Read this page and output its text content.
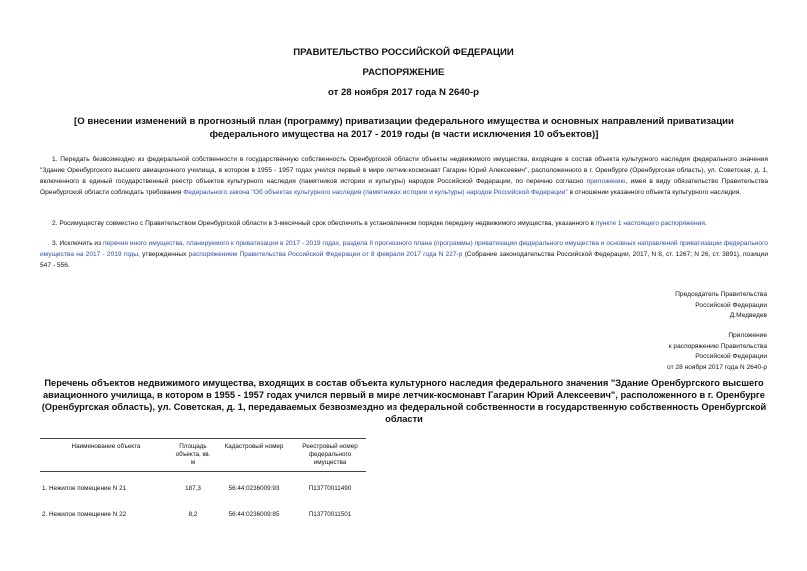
ПРАВИТЕЛЬСТВО РОССИЙСКОЙ ФЕДЕРАЦИИ
РАСПОРЯЖЕНИЕ
от 28 ноября 2017 года N 2640-р
[О внесении изменений в прогнозный план (программу) приватизации федерального имущества и основных направлений приватизации федерального имущества на 2017 - 2019 годы (в части исключения 10 объектов)]
1. Передать безвозмездно из федеральной собственности в государственную собственность Оренбургской области объекты недвижимого имущества, входящие в состав объекта культурного наследия федерального значения "Здание Оренбургского высшего авиационного училища, в котором в 1955 - 1957 годах учился первый в мире летчик-космонавт Гагарин Юрий Алексеевич", расположенного в г. Оренбурге (Оренбургская область), ул. Советская, д. 1, включенного в единый государственный реестр объектов культурного наследия (памятников истории и культуры) народов Российской Федерации, по перечню согласно приложению, имея в виду обязательство Правительства Оренбургской области соблюдать требования Федерального закона "Об объектах культурного наследия (памятниках истории и культуры) народов Российской Федерации" в отношении указанного объекта культурного наследия.
2. Росимуществу совместно с Правительством Оренбургской области в 3-месячный срок обеспечить в установленном порядке передачу недвижимого имущества, указанного в пункте 1 настоящего распоряжения.
3. Исключить из перечня иного имущества, планируемого к приватизации в 2017 - 2019 годах, раздела II прогнозного плана (программы) приватизации федерального имущества и основных направлений приватизации федерального имущества на 2017 - 2019 годы, утвержденных распоряжением Правительства Российской Федерации от 8 февраля 2017 года N 227-р (Собрание законодательства Российской Федерации, 2017, N 8, ст. 1267; N 26, ст. 3891), позиции 547 - 556.
Председатель Правительства
Российской Федерации
Д.Медведев
Приложение
к распоряжению Правительства
Российской Федерации
от 28 ноября 2017 года N 2640-р
Перечень объектов недвижимого имущества, входящих в состав объекта культурного наследия федерального значения "Здание Оренбургского высшего авиационного училища, в котором в 1955 - 1957 годах учился первый в мире летчик-космонавт Гагарин Юрий Алексеевич", расположенного в г. Оренбурге (Оренбургская область), ул. Советская, д. 1, передаваемых безвозмездно из федеральной собственности в государственную собственность Оренбургской области
Наименование объекта	Площадь объекта, кв. м	Кадастровый номер	Реестровый номер федерального имущества

1. Нежилое помещение N 21	187,3	56:44:0236009:93	П13770011490

2. Нежилое помещение N 22	8,2	56:44:0236009:85	П13770011501
